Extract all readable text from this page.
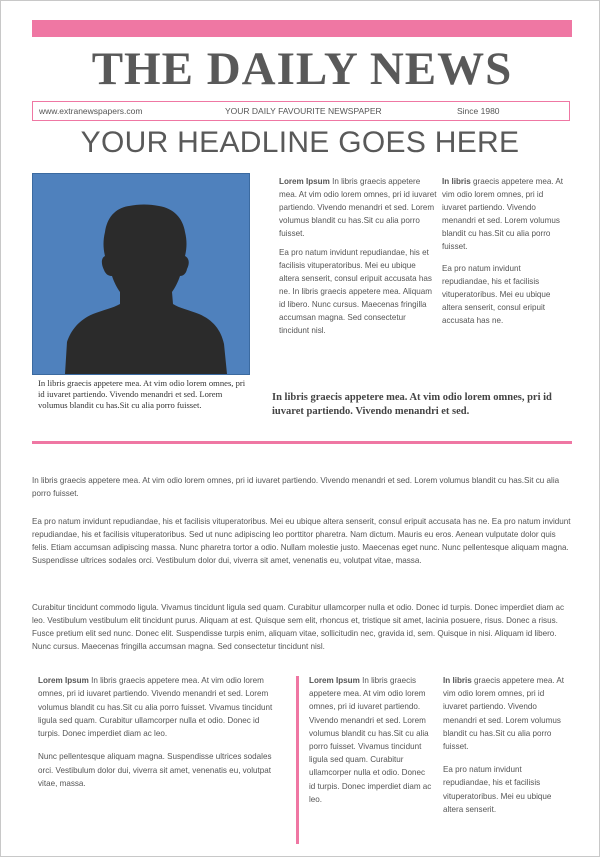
THE DAILY NEWS
www.extranewspapers.com	YOUR DAILY FAVOURITE NEWSPAPER	Since 1980
YOUR HEADLINE GOES HERE
In libris graecis appetere mea. At vim odio lorem omnes, pri id iuvaret partiendo. Vivendo menandri et sed. Lorem volumus blandit cu has.Sit cu alia porro fuisset.

Lorem Ipsum In libris graecis appetere mea. At vim odio lorem omnes, pri id iuvaret partiendo. Vivendo menandri et sed. Lorem volumus blandit cu has.Sit cu alia porro fuisset.

Ea pro natum invidunt repudiandae, his et facilisis vituperatoribus. Mei eu ubique altera senserit, consul eripuit accusata has ne. In libris graecis appetere mea. Aliquam id libero. Nunc cursus. Maecenas fringilla accumsan magna. Sed consectetur tincidunt nisl.

In libris graecis appetere mea. At vim odio lorem omnes, pri id iuvaret partiendo. Vivendo menandri et sed. Lorem volumus blandit cu has.Sit cu alia porro fuisset.

Ea pro natum invidunt repudiandae, his et facilisis vituperatoribus. Mei eu ubique altera senserit, consul eripuit accusata has ne.

In libris graecis appetere mea. At vim odio lorem omnes, pri id iuvaret partiendo. Vivendo menandri et sed.
In libris graecis appetere mea. At vim odio lorem omnes, pri id iuvaret partiendo. Vivendo menandri et sed. Lorem volumus blandit cu has.Sit cu alia porro fuisset.
Ea pro natum invidunt repudiandae, his et facilisis vituperatoribus. Mei eu ubique altera senserit, consul eripuit accusata has ne. Ea pro natum invidunt repudiandae, his et facilisis vituperatoribus. Sed ut nunc adipiscing leo porttitor pharetra. Nam dictum. Mauris eu eros. Aenean vulputate dolor quis felis. Etiam accumsan adipiscing massa. Nunc pharetra tortor a odio. Nullam molestie justo. Maecenas eget nunc. Nunc pellentesque aliquam magna. Suspendisse ultrices sodales orci. Vestibulum dolor dui, viverra sit amet, venenatis eu, volutpat vitae, massa.
Curabitur tincidunt commodo ligula. Vivamus tincidunt ligula sed quam. Curabitur ullamcorper nulla et odio. Donec id turpis. Donec imperdiet diam ac leo. Vestibulum vestibulum elit tincidunt purus. Aliquam at est. Quisque sem elit, rhoncus et, tristique sit amet, lacinia posuere, risus. Donec a risus. Fusce pretium elit sed nunc. Donec elit. Suspendisse turpis enim, aliquam vitae, sollicitudin nec, gravida id, sem. Quisque in nisi. Aliquam id libero. Nunc cursus. Maecenas fringilla accumsan magna. Sed consectetur tincidunt nisl.

Lorem Ipsum In libris graecis appetere mea. At vim odio lorem omnes, pri id iuvaret partiendo. Vivendo menandri et sed. Lorem volumus blandit cu has.Sit cu alia porro fuisset. Vivamus tincidunt ligula sed quam. Curabitur ullamcorper nulla et odio. Donec id turpis. Donec imperdiet diam ac leo.

Nunc pellentesque aliquam magna. Suspendisse ultrices sodales orci. Vestibulum dolor dui, viverra sit amet, venenatis eu, volutpat vitae, massa.

Lorem Ipsum In libris graecis appetere mea. At vim odio lorem omnes, pri id iuvaret partiendo. Vivendo menandri et sed. Lorem volumus blandit cu has.Sit cu alia porro fuisset. Vivamus tincidunt ligula sed quam. Curabitur ullamcorper nulla et odio. Donec id turpis. Donec imperdiet diam ac leo.

In libris graecis appetere mea. At vim odio lorem omnes, pri id iuvaret partiendo. Vivendo menandri et sed. Lorem volumus blandit cu has.Sit cu alia porro fuisset.

Ea pro natum invidunt repudiandae, his et facilisis vituperatoribus. Mei eu ubique altera senserit.
